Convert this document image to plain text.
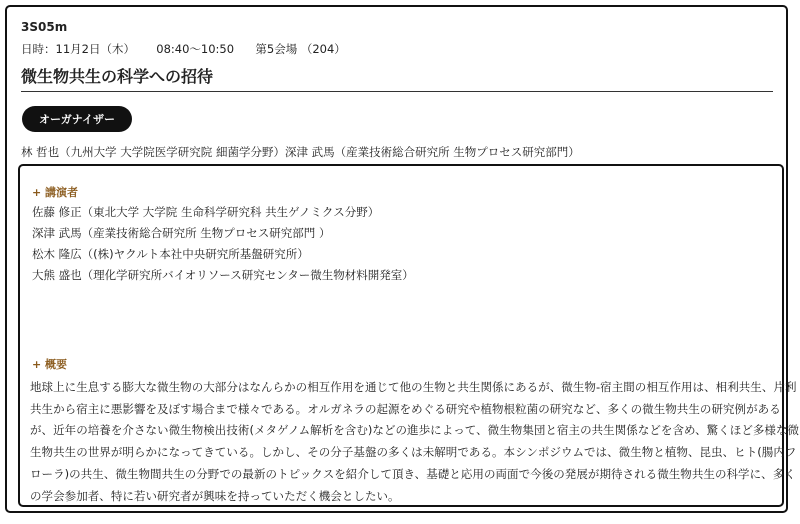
3S05m
日時：11月2日（木） 08:40～10:50 第5会場 （204）
微生物共生の科学への招待
オーガナイザー
林 哲也（九州大学 大学院医学研究院 細菌学分野）深津 武馬（産業技術総合研究所 生物プロセス研究部門）
+ 講演者
佐藤 修正（東北大学 大学院 生命科学研究科 共生ゲノミクス分野）
深津 武馬（産業技術総合研究所 生物プロセス研究部門 ）
松木 隆広（(株)ヤクルト本社中央研究所基盤研究所）
大熊 盛也（理化学研究所バイオリソース研究センター微生物材料開発室）
+ 概要
地球上に生息する膨大な微生物の大部分はなんらかの相互作用を通じて他の生物と共生関係にあるが、微生物-宿主間の相互作用は、相利共生、片利
共生から宿主に悪影響を及ぼす場合まで様々である。オルガネラの起源をめぐる研究や植物根粒菌の研究など、多くの微生物共生の研究例がある
が、近年の培養を介さない微生物検出技術(メタゲノム解析を含む)などの進歩によって、微生物集団と宿主の共生関係などを含め、驚くほど多様な微
生物共生の世界が明らかになってきている。しかし、その分子基盤の多くは未解明である。本シンポジウムでは、微生物と植物、昆虫、ヒト(腸内フ
ローラ)の共生、微生物間共生の分野での最新のトピックスを紹介して頂き、基礎と応用の両面で今後の発展が期待される微生物共生の科学に、多く
の学会参加者、特に若い研究者が興味を持っていただく機会としたい。
